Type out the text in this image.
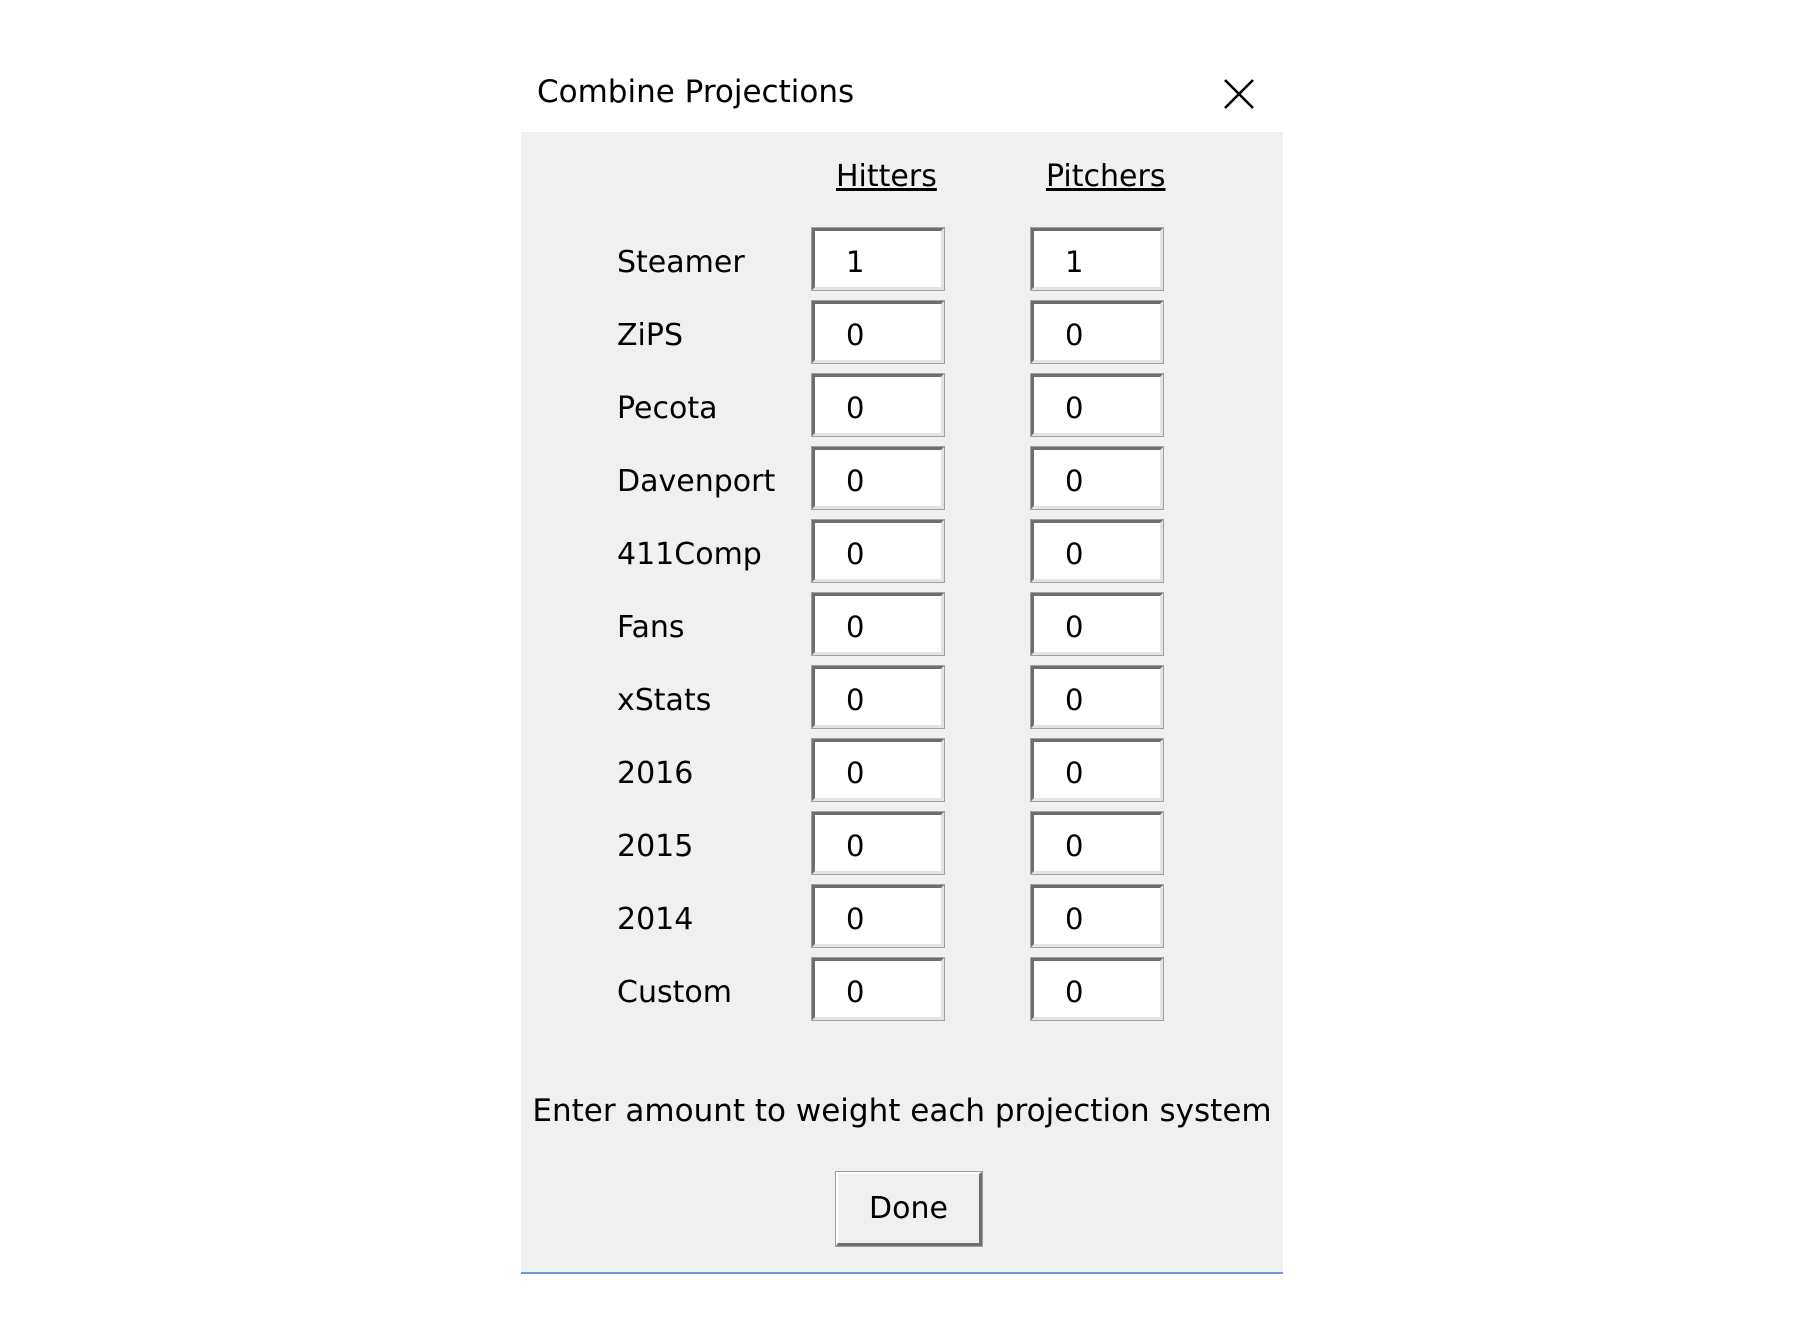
Combine Projections
Hitters	Pitchers
Steamer
1
1
ZiPS
0
0
Pecota
0
0
Davenport
0
0
411Comp
0
0
Fans
0
0
xStats
0
0
2016
0
0
2015
0
0
2014
0
0
Custom
0
0
Enter amount to weight each projection system
Done
